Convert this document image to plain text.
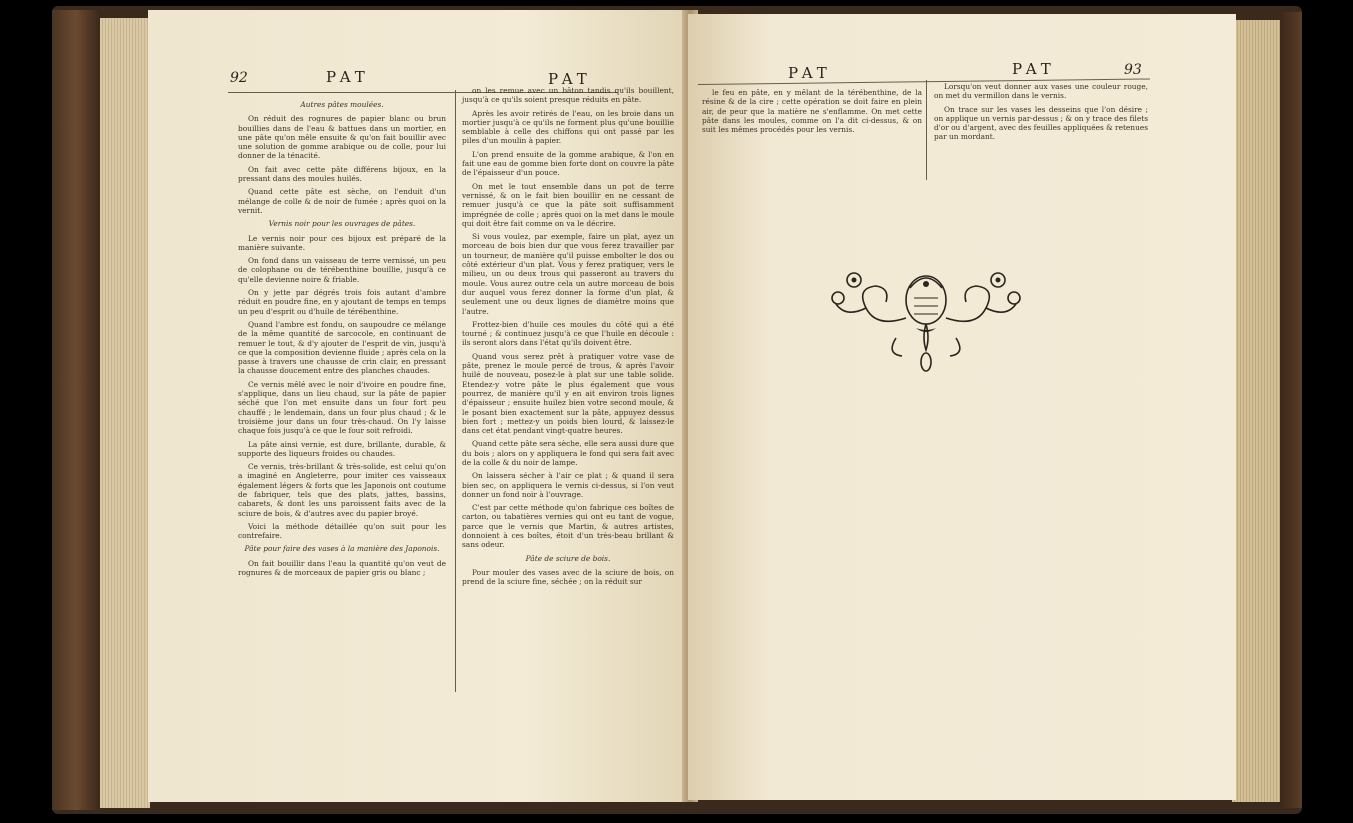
92	PAT	PAT

Autres pâtes moulées.

On réduit des rognures de papier blanc ou brun bouillies dans de l'eau & battues dans un mortier, en une pâte qu'on mêle ensuite & qu'on fait bouillir avec une solution de gomme arabique ou de colle, pour lui donner de la ténacité.

On fait avec cette pâte différens bijoux, en la pressant dans des moules huilés.

Quand cette pâte est sèche, on l'enduit d'un mélange de colle & de noir de fumée ; après quoi on la vernit.

Vernis noir pour les ouvrages de pâtes.

Le vernis noir pour ces bijoux est préparé de la manière suivante.

On fond dans un vaisseau de terre vernissé, un peu de colophane ou de térébenthine bouillie, jusqu'à ce qu'elle devienne noire & friable.

On y jette par dégrés trois fois autant d'ambre réduit en poudre fine, en y ajoutant de temps en temps un peu d'esprit ou d'huile de térébenthine.

Quand l'ambre est fondu, on saupoudre ce mélange de la même quantité de sarcocole, en continuant de remuer le tout, & d'y ajouter de l'esprit de vin, jusqu'à ce que la composition devienne fluide ; après cela on la passe à travers une chausse de crin clair, en pressant la chausse doucement entre des planches chaudes.

Ce vernis mêlé avec le noir d'ivoire en poudre fine, s'applique, dans un lieu chaud, sur la pâte de papier séché que l'on met ensuite dans un four fort peu chauffé ; le lendemain, dans un four plus chaud ; & le troisième jour dans un four très-chaud. On l'y laisse chaque fois jusqu'à ce que le four soit refroidi.

La pâte ainsi vernie, est dure, brillante, durable, & supporte des liqueurs froides ou chaudes.

Ce vernis, très-brillant & très-solide, est celui qu'on a imaginé en Angleterre, pour imiter ces vaisseaux également légers & forts que les Japonois ont coutume de fabriquer, tels que des plats, jattes, bassins, cabarets, & dont les uns paroissent faits avec de la sciure de bois, & d'autres avec du papier broyé.

Voici la méthode détaillée qu'on suit pour les contrefaire.

Pâte pour faire des vases à la manière des Japonois.

On fait bouillir dans l'eau la quantité qu'on veut de rognures & de morceaux de papier gris ou blanc ;

on les remue avec un bâton tandis qu'ils bouillent, jusqu'à ce qu'ils soient presque réduits en pâte.

Après les avoir retirés de l'eau, on les broie dans un mortier jusqu'à ce qu'ils ne forment plus qu'une bouillie semblable à celle des chiffons qui ont passé par les piles d'un moulin à papier.

L'on prend ensuite de la gomme arabique, & l'on en fait une eau de gomme bien forte dont on couvre la pâte de l'épaisseur d'un pouce.

On met le tout ensemble dans un pot de terre vernissé, & on le fait bien bouillir en ne cessant de remuer jusqu'à ce que la pâte soit suffisamment imprégnée de colle ; après quoi on la met dans le moule qui doit être fait comme on va le décrire.

Si vous voulez, par exemple, faire un plat, ayez un morceau de bois bien dur que vous ferez travailler par un tourneur, de manière qu'il puisse embolter le dos ou côté extérieur d'un plat. Vous y ferez pratiquer, vers le milieu, un ou deux trous qui passeront au travers du moule. Vous aurez outre cela un autre morceau de bois dur auquel vous ferez donner la forme d'un plat, & seulement une ou deux lignes de diamètre moins que l'autre.

Frottez-bien d'huile ces moules du côté qui a été tourné ; & continuez jusqu'à ce que l'huile en découle : ils seront alors dans l'état qu'ils doivent être.

Quand vous serez prêt à pratiquer votre vase de pâte, prenez le moule percé de trous, & après l'avoir huilé de nouveau, posez-le à plat sur une table solide. Etendez-y votre pâte le plus également que vous pourrez, de manière qu'il y en ait environ trois lignes d'épaisseur ; ensuite huilez bien votre second moule, & le posant bien exactement sur la pâte, appuyez dessus bien fort ; mettez-y un poids bien lourd, & laissez-le dans cet état pendant vingt-quatre heures.

Quand cette pâte sera sèche, elle sera aussi dure que du bois ; alors on y appliquera le fond qui sera fait avec de la colle & du noir de lampe.

On laissera sécher à l'air ce plat ; & quand il sera bien sec, on appliquera le vernis ci-dessus, si l'on veut donner un fond noir à l'ouvrage.

C'est par cette méthode qu'on fabrique ces boîtes de carton, ou tabatières vernies qui ont eu tant de vogue, parce que le vernis que Martin, & autres artistes, donnoient à ces boîtes, étoit d'un très-beau brillant & sans odeur.

Pâte de sciure de bois.

Pour mouler des vases avec de la sciure de bois, on prend de la sciure fine, séchée ; on la réduit sur

PAT	PAT	93

le feu en pâte, en y mêlant de la térébenthine, de la résine & de la cire ; cette opération se doit faire en plein air, de peur que la matière ne s'enflamme. On met cette pâte dans les moules, comme on l'a dit ci-dessus, & on suit les mêmes procédés pour les vernis.

Lorsqu'on veut donner aux vases une couleur rouge, on met du vermillon dans le vernis.

On trace sur les vases les desseins que l'on désire ; on applique un vernis par-dessus ; & on y trace des filets d'or ou d'argent, avec des feuilles appliquées & retenues par un mordant.
